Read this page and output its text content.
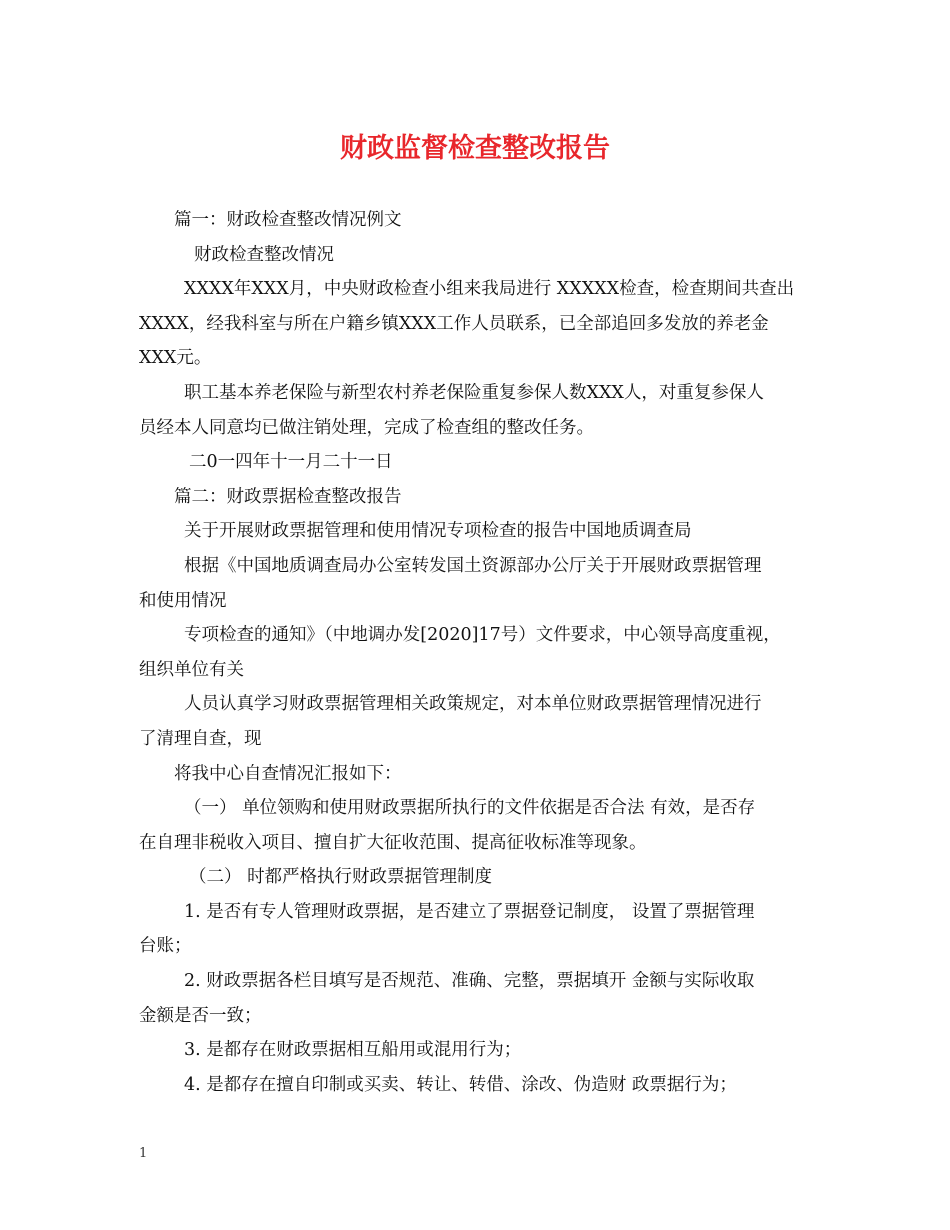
财政监督检查整改报告
篇一：财政检查整改情况例文
财政检查整改情况
XXXX年XXX月，中央财政检查小组来我局进行 XXXXX检查，检查期间共查出
XXXX，经我科室与所在户籍乡镇XXX工作人员联系，已全部追回多发放的养老金
XXX元。
职工基本养老保险与新型农村养老保险重复参保人数XXX人，对重复参保人
员经本人同意均已做注销处理，完成了检查组的整改任务。
二0一四年十一月二十一日
篇二：财政票据检查整改报告
关于开展财政票据管理和使用情况专项检查的报告中国地质调查局
根据《中国地质调查局办公室转发国土资源部办公厅关于开展财政票据管理
和使用情况
专项检查的通知》（中地调办发[2020]17号）文件要求，中心领导高度重视，
组织单位有关
人员认真学习财政票据管理相关政策规定，对本单位财政票据管理情况进行
了清理自查，现
将我中心自查情况汇报如下：
（一） 单位领购和使用财政票据所执行的文件依据是否合法 有效，是否存
在自理非税收入项目、擅自扩大征收范围、提高征收标准等现象。
（二） 时都严格执行财政票据管理制度
1. 是否有专人管理财政票据，是否建立了票据登记制度， 设置了票据管理
台账；
2. 财政票据各栏目填写是否规范、准确、完整，票据填开 金额与实际收取
金额是否一致；
3. 是都存在财政票据相互船用或混用行为；
4. 是都存在擅自印制或买卖、转让、转借、涂改、伪造财 政票据行为；
1
